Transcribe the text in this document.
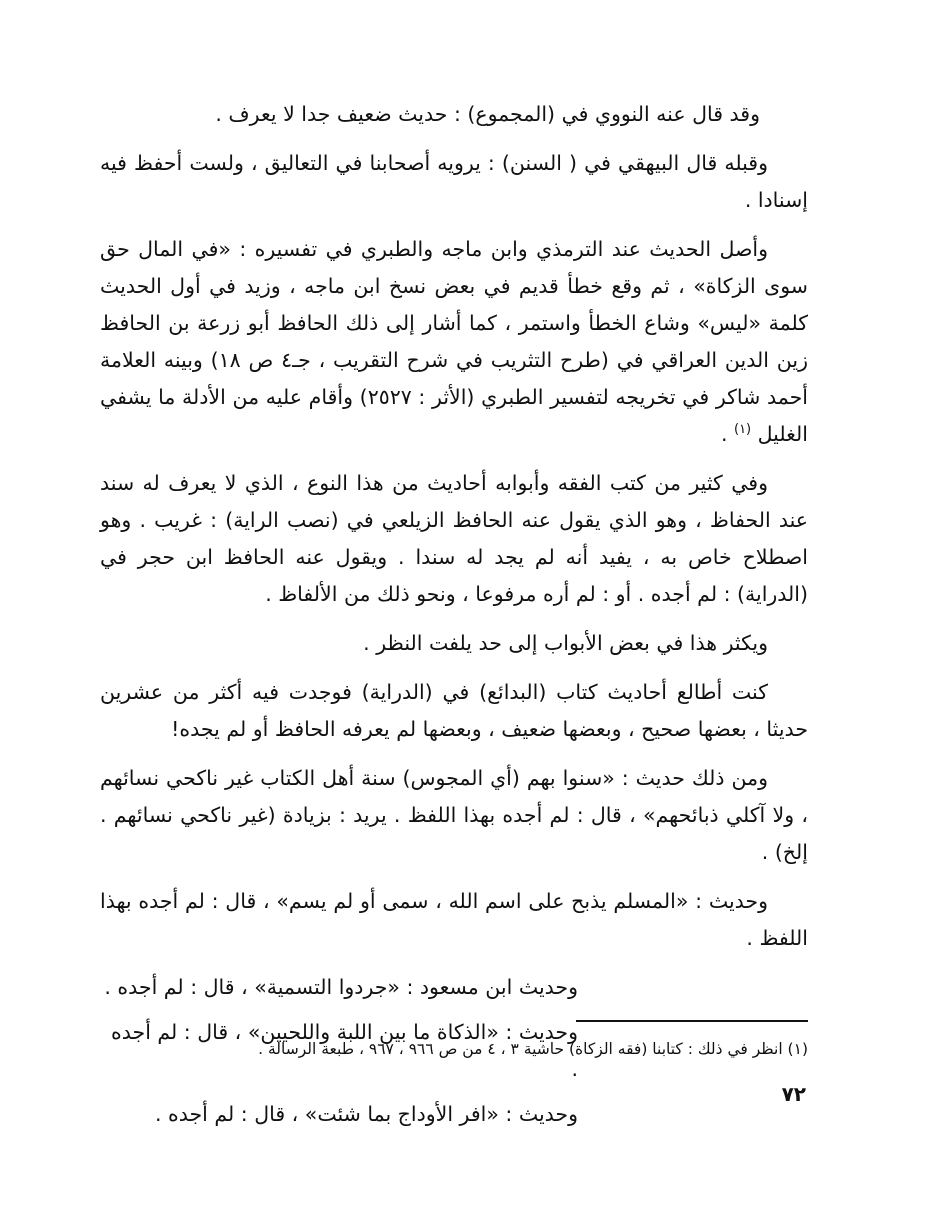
وقد قال عنه النووي في (المجموع) : حديث ضعيف جدا لا يعرف .

وقبله قال البيهقي في ( السنن) : يرويه أصحابنا في التعاليق ، ولست أحفظ فيه إسنادا .

وأصل الحديث عند الترمذي وابن ماجه والطبري في تفسيره : «في المال حق سوى الزكاة» ، ثم وقع خطأ قديم في بعض نسخ ابن ماجه ، وزيد في أول الحديث كلمة «ليس» وشاع الخطأ واستمر ، كما أشار إلى ذلك الحافظ أبو زرعة بن الحافظ زين الدين العراقي في (طرح التثريب في شرح التقريب ، جـ٤ ص ١٨) وبينه العلامة أحمد شاكر في تخريجه لتفسير الطبري (الأثر : ٢٥٢٧) وأقام عليه من الأدلة ما يشفي الغليل $^{(١)}$ .

وفي كثير من كتب الفقه وأبوابه أحاديث من هذا النوع ، الذي لا يعرف له سند عند الحفاظ ، وهو الذي يقول عنه الحافظ الزيلعي في (نصب الراية) : غريب . وهو اصطلاح خاص به ، يفيد أنه لم يجد له سندا . ويقول عنه الحافظ ابن حجر في (الدراية) : لم أجده . أو : لم أره مرفوعا ، ونحو ذلك من الألفاظ .

ويكثر هذا في بعض الأبواب إلى حد يلفت النظر .

كنت أطالع أحاديث كتاب (البدائع) في (الدراية) فوجدت فيه أكثر من عشرين حديثا ، بعضها صحيح ، وبعضها ضعيف ، وبعضها لم يعرفه الحافظ أو لم يجده!

ومن ذلك حديث : «سنوا بهم (أي المجوس) سنة أهل الكتاب غير ناكحي نسائهم ، ولا آكلي ذبائحهم» ، قال : لم أجده بهذا اللفظ . يريد : بزيادة (غير ناكحي نسائهم . إلخ) .

وحديث : «المسلم يذبح على اسم الله ، سمى أو لم يسم» ، قال : لم أجده بهذا اللفظ .

وحديث ابن مسعود : «جردوا التسمية» ، قال : لم أجده .
وحديث : «الذكاة ما بين اللبة واللحيين» ، قال : لم أجده .
وحديث : «افر الأوداج بما شئت» ، قال : لم أجده .
(١) انظر في ذلك : كتابنا (فقه الزكاة) حاشية ٣ ، ٤ من ص ٩٦٦ ، ٩٦٧ ، طبعة الرسالة .
٧٢
